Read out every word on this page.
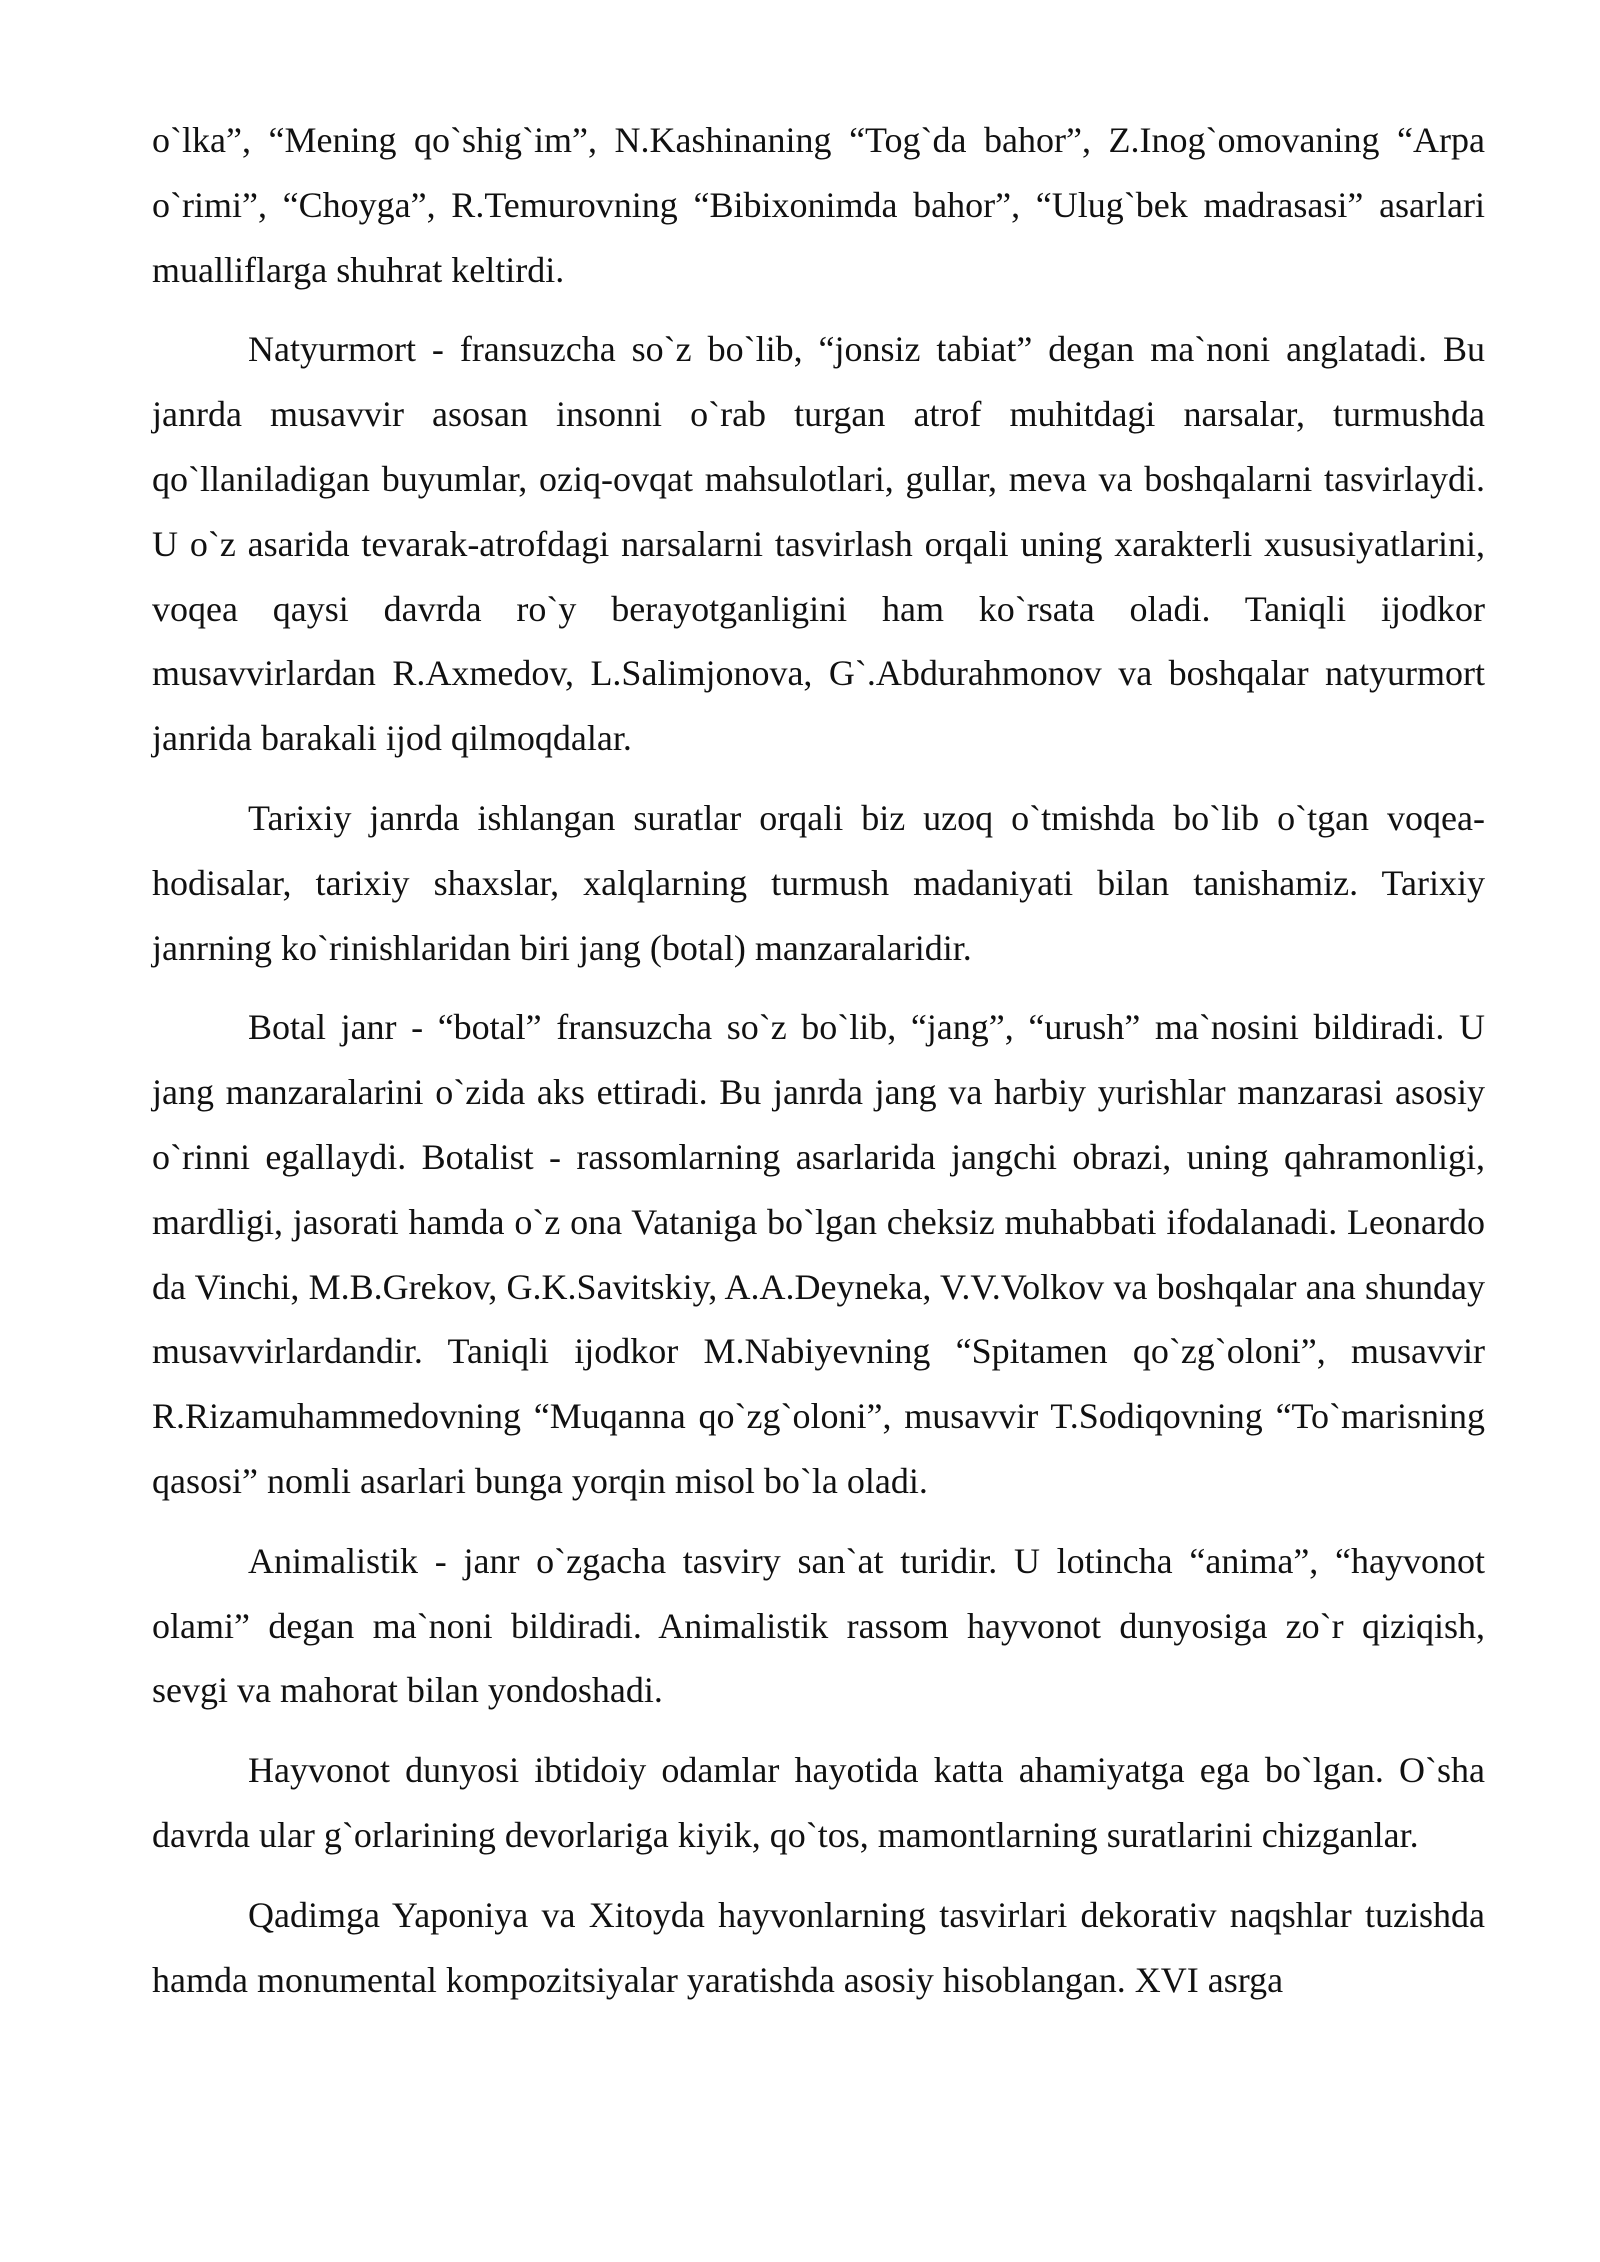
o`lka”, “Mening qo`shig`im”, N.Kashinaning “Tog`da bahor”, Z.Inog`omovaning “Arpa o`rimi”, “Choyga”, R.Temurovning “Bibixonimda bahor”, “Ulug`bek madrasasi” asarlari mualliflarga shuhrat keltirdi.

Natyurmort - fransuzcha so`z bo`lib, “jonsiz tabiat” degan ma`noni anglatadi. Bu janrda musavvir asosan insonni o`rab turgan atrof muhitdagi narsalar, turmushda qo`llaniladigan buyumlar, oziq-ovqat mahsulotlari, gullar, meva va boshqalarni tasvirlaydi. U o`z asarida tevarak-atrofdagi narsalarni tasvirlash orqali uning xarakterli xususiyatlarini, voqea qaysi davrda ro`y berayotganligini ham ko`rsata oladi. Taniqli ijodkor musavvirlardan R.Axmedov, L.Salimjonova, G`.Abdurahmonov va boshqalar natyurmort janrida barakali ijod qilmoqdalar.

Tarixiy janrda ishlangan suratlar orqali biz uzoq o`tmishda bo`lib o`tgan voqea-hodisalar, tarixiy shaxslar, xalqlarning turmush madaniyati bilan tanishamiz. Tarixiy janrning ko`rinishlaridan biri jang (botal) manzaralaridir.

Botal janr - “botal” fransuzcha so`z bo`lib, “jang”, “urush” ma`nosini bildiradi. U jang manzaralarini o`zida aks ettiradi. Bu janrda jang va harbiy yurishlar manzarasi asosiy o`rinni egallaydi. Botalist - rassomlarning asarlarida jangchi obrazi, uning qahramonligi, mardligi, jasorati hamda o`z ona Vataniga bo`lgan cheksiz muhabbati ifodalanadi. Leonardo da Vinchi, M.B.Grekov, G.K.Savitskiy, A.A.Deyneka, V.V.Volkov va boshqalar ana shunday musavvirlardandir. Taniqli ijodkor M.Nabiyevning “Spitamen qo`zg`oloni”, musavvir R.Rizamuhammedovning “Muqanna qo`zg`oloni”, musavvir T.Sodiqovning “To`marisning qasosi” nomli asarlari bunga yorqin misol bo`la oladi.

Animalistik - janr o`zgacha tasviry san`at turidir. U lotincha “anima”, “hayvonot olami” degan ma`noni bildiradi. Animalistik rassom hayvonot dunyosiga zo`r qiziqish, sevgi va mahorat bilan yondoshadi.

Hayvonot dunyosi ibtidoiy odamlar hayotida katta ahamiyatga ega bo`lgan. O`sha davrda ular g`orlarining devorlariga kiyik, qo`tos, mamontlarning suratlarini chizganlar.

Qadimga Yaponiya va Xitoyda hayvonlarning tasvirlari dekorativ naqshlar tuzishda hamda monumental kompozitsiyalar yaratishda asosiy hisoblangan. XVI asrga
